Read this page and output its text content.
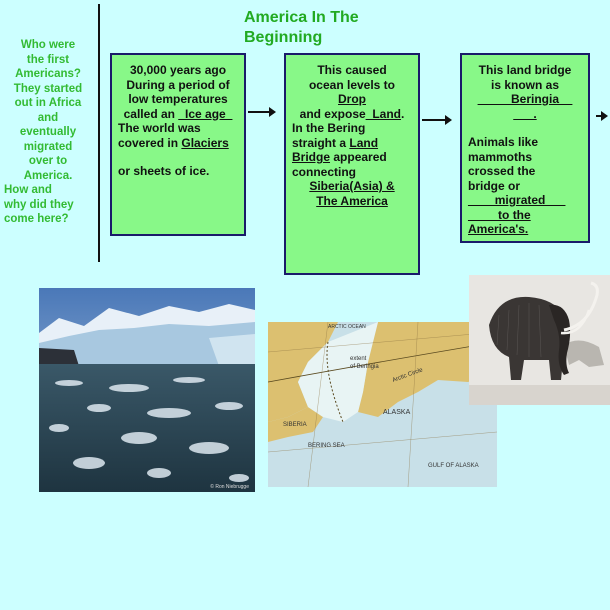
America In The
Beginning
Who were
the first
Americans?
They started
out in Africa
and
eventually
migrated
over to
America.
How and
why did they
come here?
30,000 years ago
During a period of
low temperatures
called an _Ice age_
The world was
covered in Glaciers
or sheets of ice.
This caused
ocean levels to
Drop
and expose_Land.
In the Bering
straight a Land
Bridge appeared
connecting
Siberia(Asia) &
The America
This land bridge
is known as
_____Beringia__
___.
Animals like
mammoths
crossed the
bridge or
____migrated___
____ to the
America's.
© Ron Niebrugge
ARCTIC OCEAN
extent
of Beringia
Arctic Circle
ALASKA
SIBERIA
BERING SEA
GULF OF ALASKA
